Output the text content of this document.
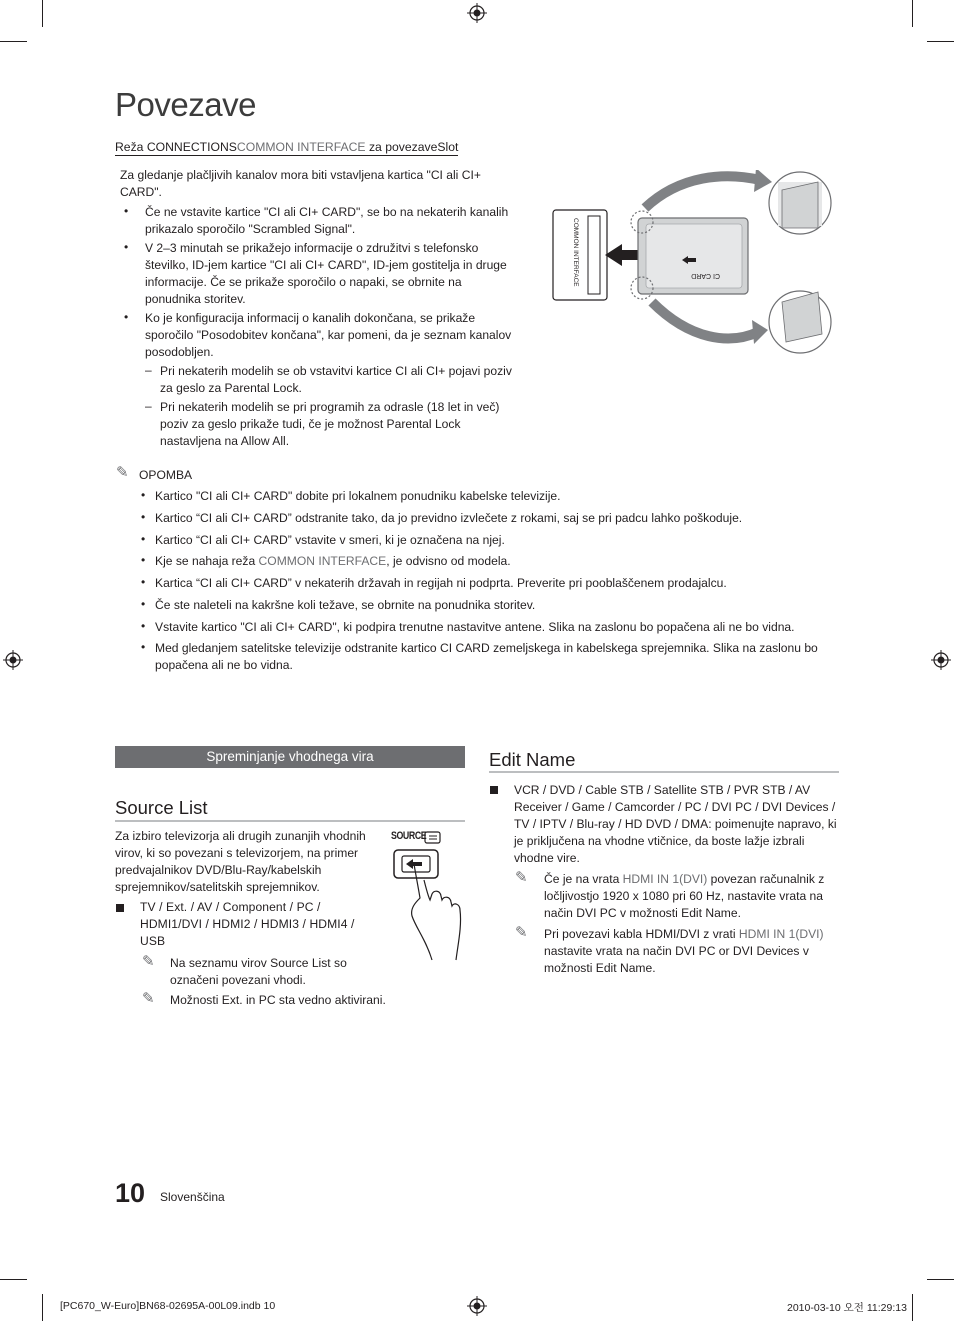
Povezave
Reža CONNECTIONSCOMMON INTERFACE za povezaveSlot
Za gledanje plačljivih kanalov mora biti vstavljena kartica "CI ali CI+ CARD".
• Če ne vstavite kartice "CI ali CI+ CARD", se bo na nekaterih kanalih prikazalo sporočilo "Scrambled Signal".
• V 2–3 minutah se prikažejo informacije o združitvi s telefonsko številko, ID-jem kartice "CI ali CI+ CARD", ID-jem gostitelja in druge informacije. Če se prikaže sporočilo o napaki, se obrnite na ponudnika storitev.
• Ko je konfiguracija informacij o kanalih dokončana, se prikaže sporočilo "Posodobitev končana", kar pomeni, da je seznam kanalov posodobljen.
– Pri nekaterih modelih se ob vstavitvi kartice CI ali CI+ pojavi poziv za geslo za Parental Lock.
– Pri nekaterih modelih se pri programih za odrasle (18 let in več) poziv za geslo prikaže tudi, če je možnost Parental Lock nastavljena na Allow All.
COMMON INTERFACE	CI CARD
✎ OPOMBA
• Kartico "CI ali CI+ CARD" dobite pri lokalnem ponudniku kabelske televizije.
• Kartico “CI ali CI+ CARD” odstranite tako, da jo previdno izvlečete z rokami, saj se pri padcu lahko poškoduje.
• Kartico “CI ali CI+ CARD” vstavite v smeri, ki je označena na njej.
• Kje se nahaja reža COMMON INTERFACE, je odvisno od modela.
• Kartica “CI ali CI+ CARD” v nekaterih državah in regijah ni podprta. Preverite pri pooblaščenem prodajalcu.
• Če ste naleteli na kakršne koli težave, se obrnite na ponudnika storitev.
• Vstavite kartico "CI ali CI+ CARD", ki podpira trenutne nastavitve antene. Slika na zaslonu bo popačena ali ne bo vidna.
• Med gledanjem satelitske televizije odstranite kartico CI CARD zemeljskega in kabelskega sprejemnika. Slika na zaslonu bo popačena ali ne bo vidna.
Spreminjanje vhodnega vira
Source List
Za izbiro televizorja ali drugih zunanjih vhodnih virov, ki so povezani s televizorjem, na primer predvajalnikov DVD/Blu-Ray/kabelskih sprejemnikov/satelitskih sprejemnikov.
TV / Ext. / AV / Component / PC / HDMI1/DVI / HDMI2 / HDMI3 / HDMI4 / USB
✎ Na seznamu virov Source List so označeni povezani vhodi.
✎ Možnosti Ext. in PC sta vedno aktivirani.
SOURCE
Edit Name
VCR / DVD / Cable STB / Satellite STB / PVR STB / AV Receiver / Game / Camcorder / PC / DVI PC / DVI Devices / TV / IPTV / Blu-ray / HD DVD / DMA: poimenujte napravo, ki je priključena na vhodne vtičnice, da boste lažje izbrali vhodne vire.
✎ Če je na vrata HDMI IN 1(DVI) povezan računalnik z ločljivostjo 1920 x 1080 pri 60 Hz, nastavite vrata na način DVI PC v možnosti Edit Name.
✎ Pri povezavi kabla HDMI/DVI z vrati HDMI IN 1(DVI) nastavite vrata na način DVI PC or DVI Devices v možnosti Edit Name.
10 Slovenščina
[PC670_W-Euro]BN68-02695A-00L09.indb 10	2010-03-10 오전 11:29:13
